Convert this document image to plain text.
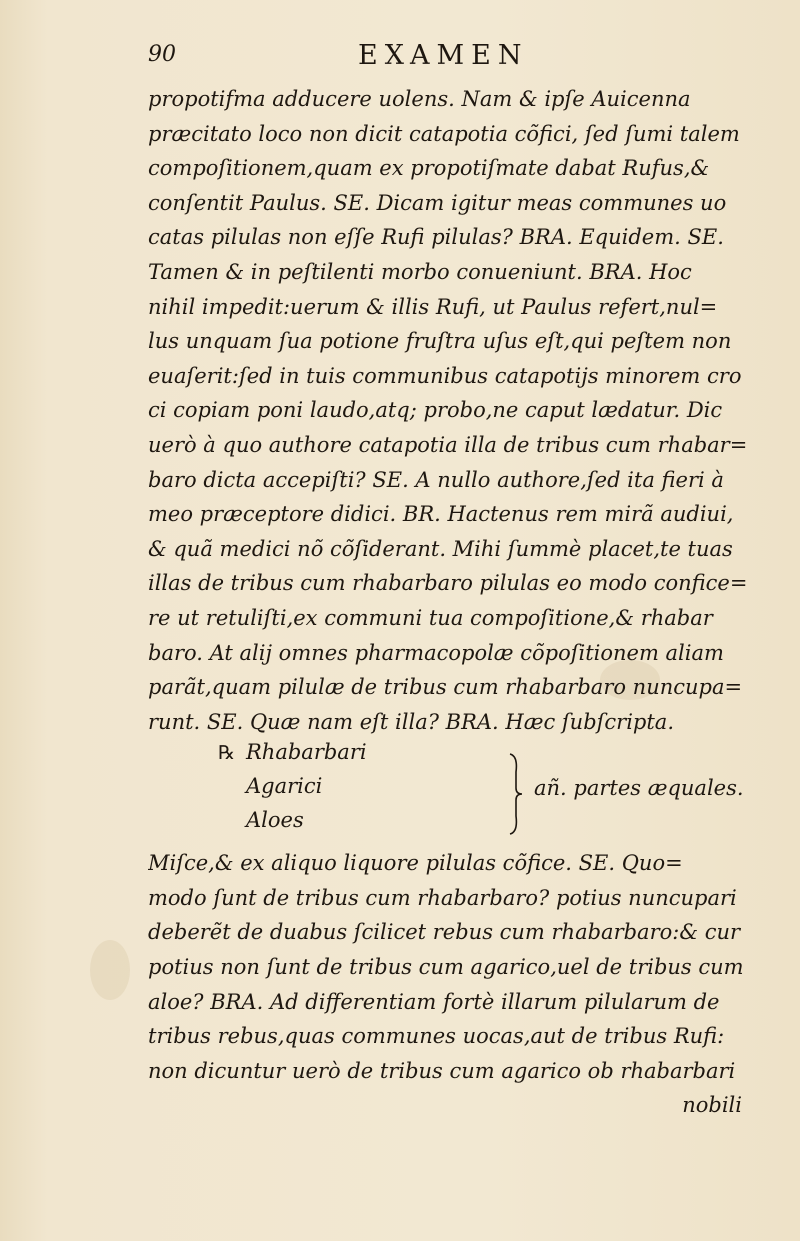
90	EXAMEN
propotifma adducere uolens. Nam & ipſe Auicenna
præcitato loco non dicit catapotia cõfici, ſed ſumi talem
compoſitionem,quam ex propotiſmate dabat Rufus,&
conſentit Paulus. SE. Dicam igitur meas communes uo
catas pilulas non eſſe Rufi pilulas? BRA. Equidem. SE.
Tamen & in peſtilenti morbo conueniunt. BRA. Hoc
nihil impedit:uerum & illis Rufi, ut Paulus refert,nul=
lus unquam ſua potione fruſtra uſus eſt,qui peſtem non
euaſerit:ſed in tuis communibus catapotijs minorem cro
ci copiam poni laudo,atq; probo,ne caput lædatur. Dic
uerò à quo authore catapotia illa de tribus cum rhabar=
baro dicta accepiſti? SE. A nullo authore,ſed ita fieri à
meo præceptore didici. BR. Hactenus rem mirã audiui,
& quã medici nõ cõſiderant. Mihi ſummè placet,te tuas
illas de tribus cum rhabarbaro pilulas eo modo confice=
re ut retuliſti,ex communi tua compoſitione,& rhabar
baro. At alij omnes pharmacopolæ cõpoſitionem aliam
parãt,quam pilulæ de tribus cum rhabarbaro nuncupa=
runt. SE. Quæ nam eſt illa? BRA. Hæc ſubſcripta.
℞ Rhabarbari
Agarici
Aloes
añ. partes æquales.
Miſce,& ex aliquo liquore pilulas cõfice. SE. Quo=
modo ſunt de tribus cum rhabarbaro? potius nuncupari
deberẽt de duabus ſcilicet rebus cum rhabarbaro:& cur
potius non ſunt de tribus cum agarico,uel de tribus cum
aloe? BRA. Ad differentiam fortè illarum pilularum de
tribus rebus,quas communes uocas,aut de tribus Rufi:
non dicuntur uerò de tribus cum agarico ob rhabarbari
nobili
